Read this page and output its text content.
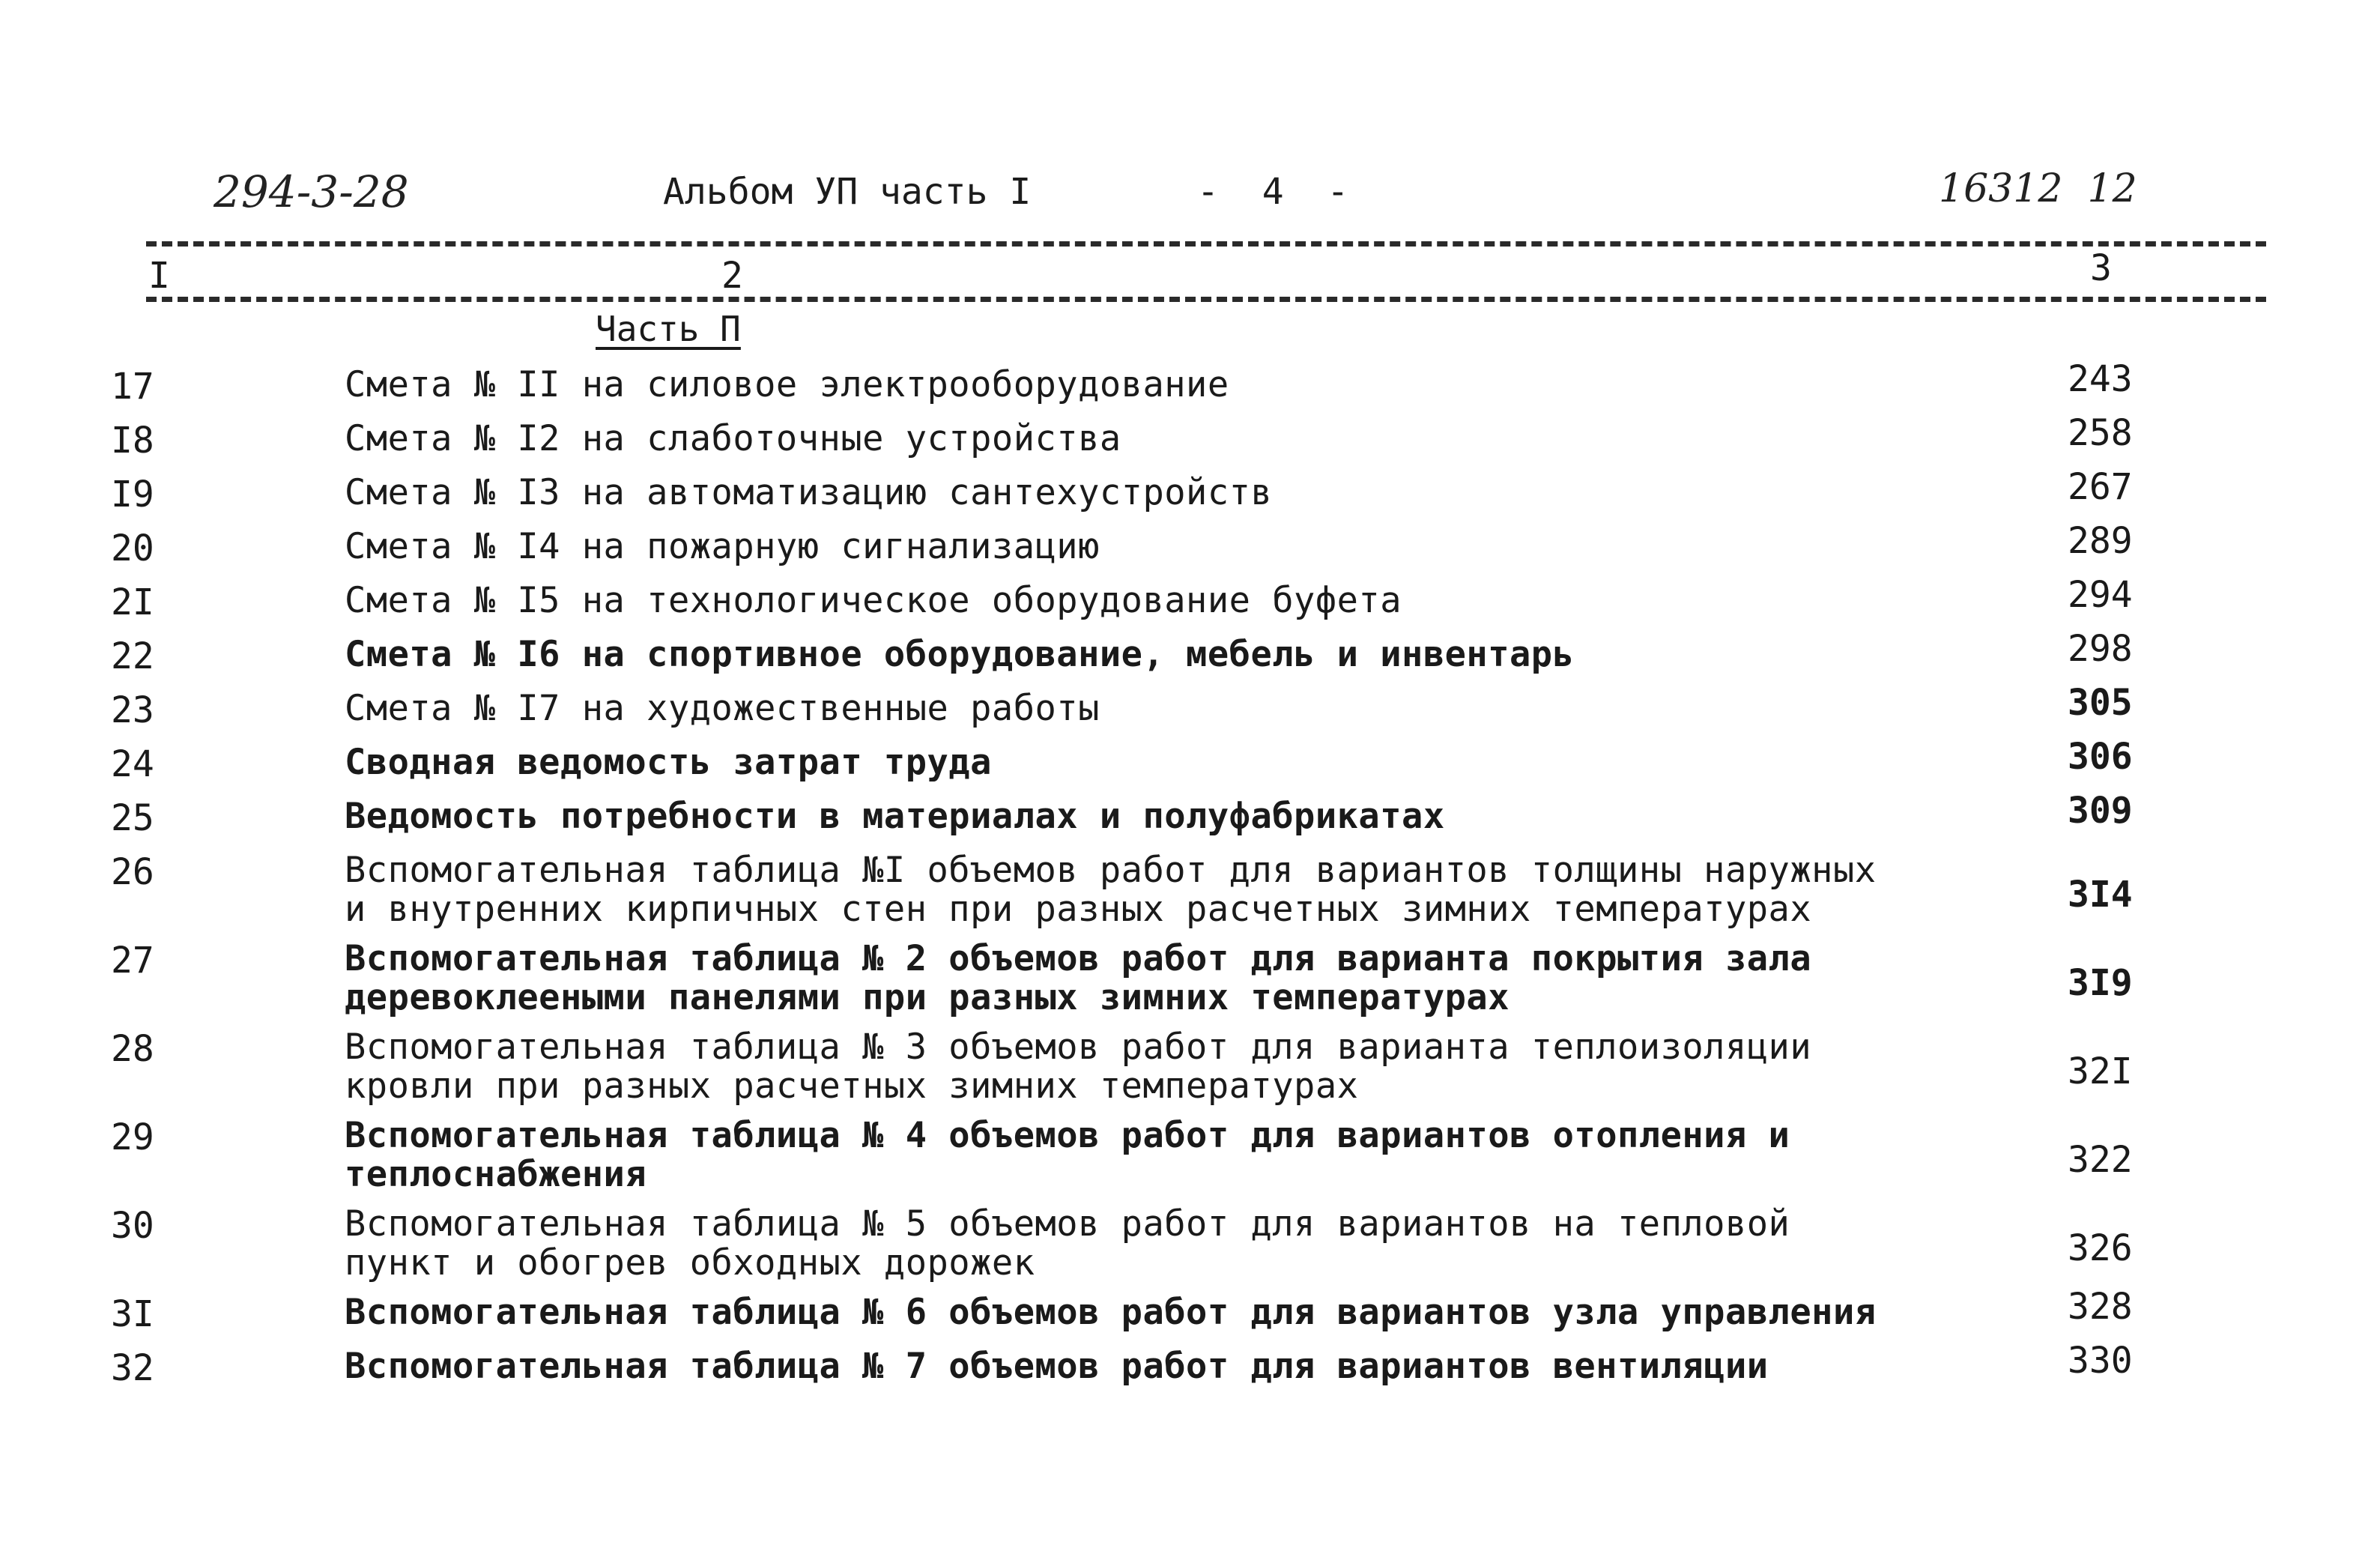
294-3-28	Альбом УП часть I	-  4  -	16312  12
I	2	3
Часть П
17	Смета № II на силовое электрооборудование	243
I8	Смета № I2 на слаботочные устройства	258
I9	Смета № I3 на автоматизацию сантехустройств	267
20	Смета № I4 на пожарную сигнализацию	289
2I	Смета № I5 на технологическое оборудование буфета	294
22	Смета № I6 на спортивное оборудование, мебель и инвентарь	298
23	Смета № I7 на художественные работы	305
24	Сводная ведомость затрат труда	306
25	Ведомость потребности в материалах и полуфабрикатах	309
26	Вспомогательная таблица №I объемов работ для вариантов толщины наружных
и внутренних кирпичных стен при разных расчетных зимних температурах	3I4
27	Вспомогательная таблица № 2 объемов работ для варианта покрытия зала
деревоклееными панелями при разных зимних температурах	3I9
28	Вспомогательная таблица № 3 объемов работ для варианта теплоизоляции
кровли при разных расчетных зимних температурах	32I
29	Вспомогательная таблица № 4 объемов работ для вариантов отопления и
теплоснабжения	322
30	Вспомогательная таблица № 5 объемов работ для вариантов на тепловой
пункт и обогрев обходных дорожек	326
3I	Вспомогательная таблица № 6 объемов работ для вариантов узла управления	328
32	Вспомогательная таблица № 7 объемов работ для вариантов вентиляции	330
